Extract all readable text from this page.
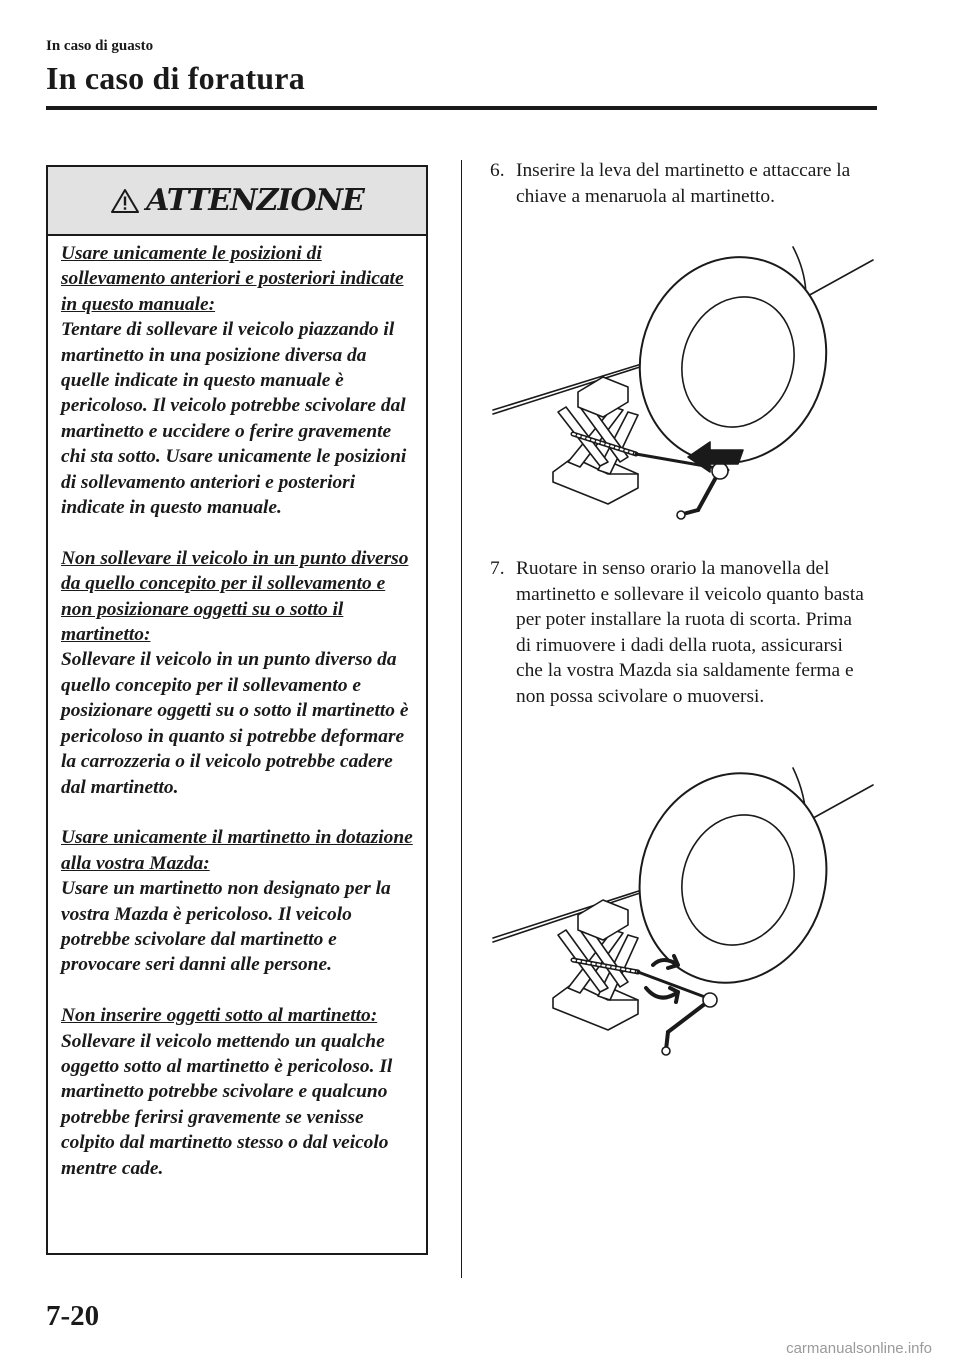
In caso di guasto
In caso di foratura
ATTENZIONE
Usare unicamente le posizioni di sollevamento anteriori e posteriori indicate in questo manuale:
Tentare di sollevare il veicolo piazzando il martinetto in una posizione diversa da quelle indicate in questo manuale è pericoloso. Il veicolo potrebbe scivolare dal martinetto e uccidere o ferire gravemente chi sta sotto. Usare unicamente le posizioni di sollevamento anteriori e posteriori indicate in questo manuale.
Non sollevare il veicolo in un punto diverso da quello concepito per il sollevamento e non posizionare oggetti su o sotto il martinetto:
Sollevare il veicolo in un punto diverso da quello concepito per il sollevamento e posizionare oggetti su o sotto il martinetto è pericoloso in quanto si potrebbe deformare la carrozzeria o il veicolo potrebbe cadere dal martinetto.
Usare unicamente il martinetto in dotazione alla vostra Mazda:
Usare un martinetto non designato per la vostra Mazda è pericoloso. Il veicolo potrebbe scivolare dal martinetto e provocare seri danni alle persone.
Non inserire oggetti sotto al martinetto:
Sollevare il veicolo mettendo un qualche oggetto sotto al martinetto è pericoloso. Il martinetto potrebbe scivolare e qualcuno potrebbe ferirsi gravemente se venisse colpito dal martinetto stesso o dal veicolo mentre cade.
6. Inserire la leva del martinetto e attaccare la chiave a menaruola al martinetto.
7. Ruotare in senso orario la manovella del martinetto e sollevare il veicolo quanto basta per poter installare la ruota di scorta. Prima di rimuovere i dadi della ruota, assicurarsi che la vostra Mazda sia saldamente ferma e non possa scivolare o muoversi.
7-20
carmanualsonline.info
